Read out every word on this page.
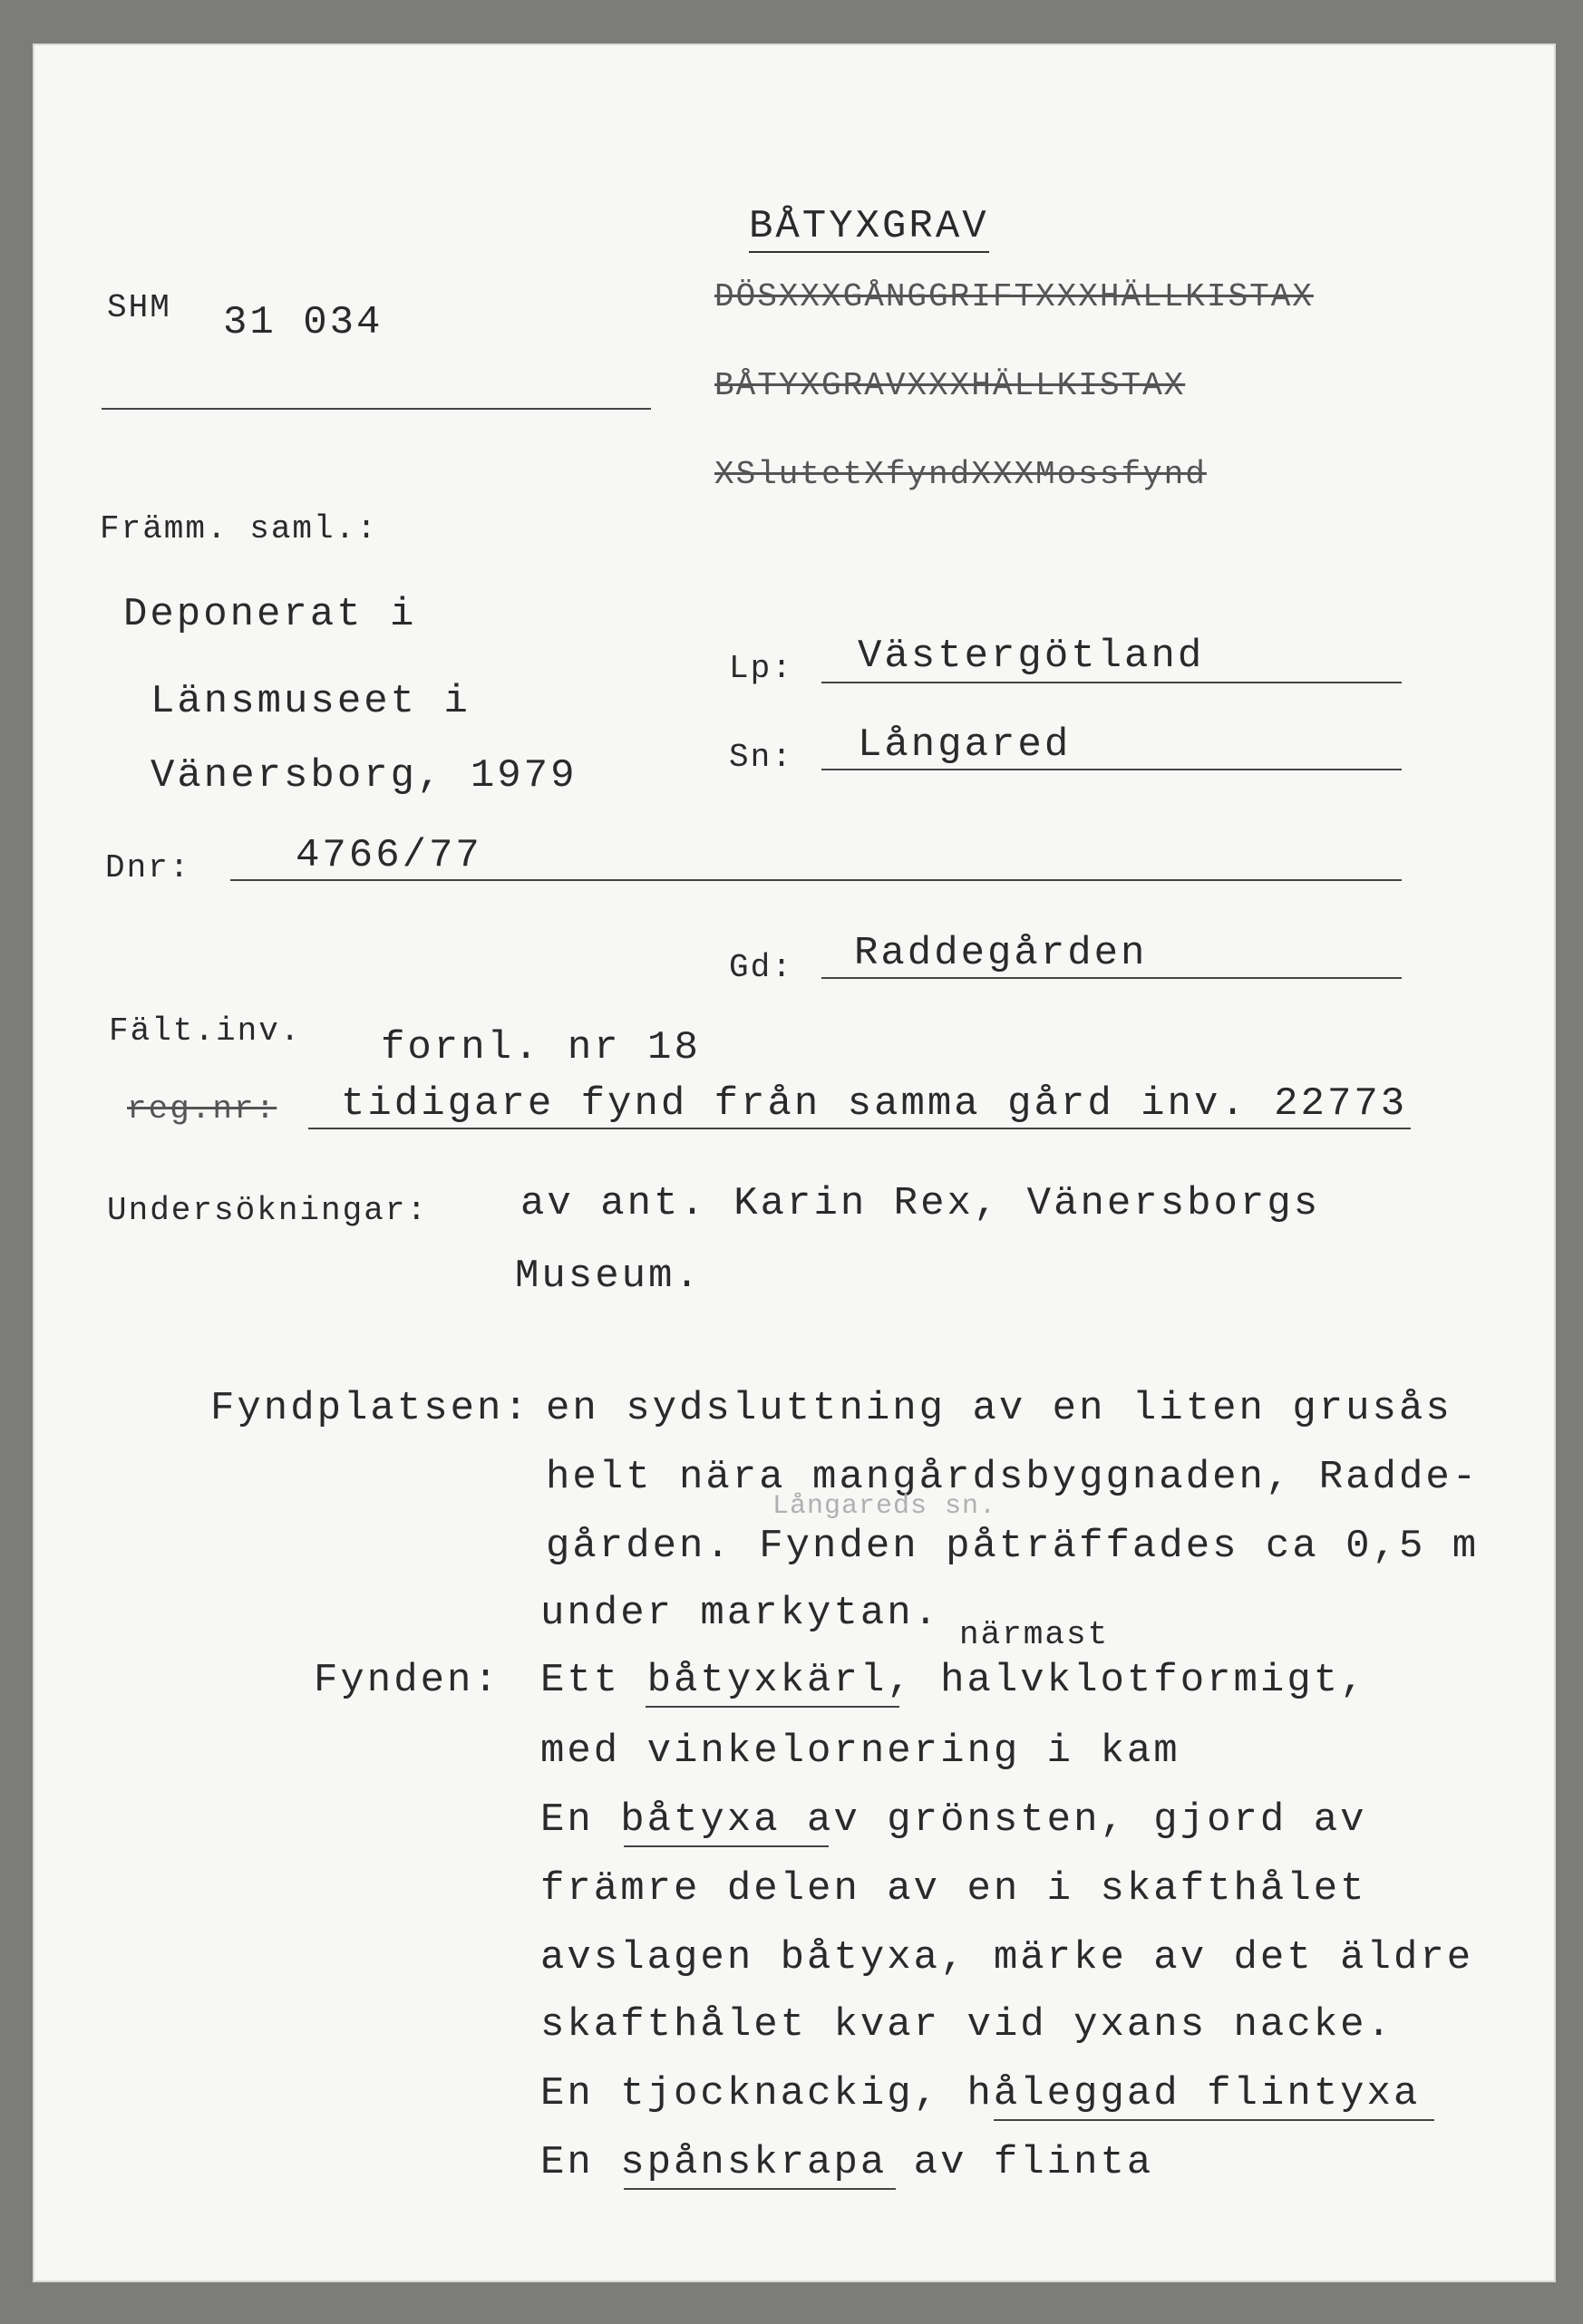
BÅTYXGRAV
DÖSXXXGÅNGGRIFTXXXHÄLLKISTAX
BÅTYXGRAVXXXHÄLLKISTAX
XSlutetXfyndXXXMossfynd
SHM 31 034
Främm. saml.:
Deponerat i
Länsmuseet i
Vänersborg, 1979
Lp: Västergötland
Sn: Långared
Dnr:	4766/77
Gd: Raddegården
Fält.inv. fornl. nr 18
reg.nr: tidigare fynd från samma gård inv. 22773
Undersökningar: av ant. Karin Rex, Vänersborgs
Museum.
Fyndplatsen: en sydsluttning av en liten grusås
helt nära mangårdsbyggnaden, Radde-
Långareds sn.
gården. Fynden påträffades ca 0,5 m
under markytan. närmast
Fynden: Ett båtyxkärl, halvklotformigt,
med vinkelornering i kam
En båtyxa av grönsten, gjord av
främre delen av en i skafthålet
avslagen båtyxa, märke av det äldre
skafthålet kvar vid yxans nacke.
En tjocknackig, håleggad flintyxa
En spånskrapa av flinta
